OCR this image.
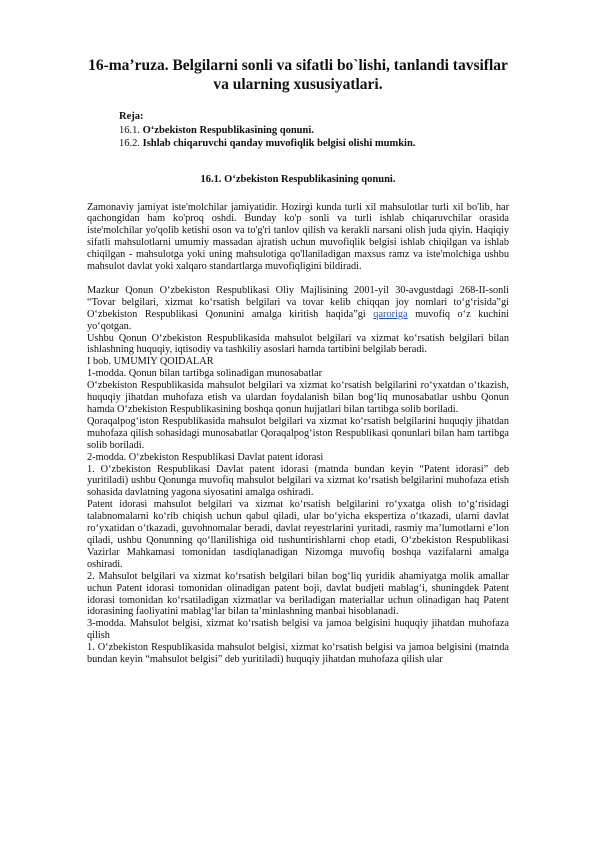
16-ma’ruza. Belgilarni sonli va sifatli bo`lishi, tanlandi tavsiflar va ularning xususiyatlari.
Reja:
16.1. O‘zbekiston Respublikasining qonuni.
16.2. Ishlab chiqaruvchi qanday muvofiqlik belgisi olishi mumkin.
16.1. O‘zbekiston Respublikasining qonuni.

Zamonaviy jamiyat iste'molchilar jamiyatidir. Hozirgi kunda turli xil mahsulotlar turli xil bo'lib, har qachongidan ham ko'proq oshdi. Bunday ko'p sonli va turli ishlab chiqaruvchilar orasida iste'molchilar yo'qolib ketishi oson va to'g'ri tanlov qilish va kerakli narsani olish juda qiyin. Haqiqiy sifatli mahsulotlarni umumiy massadan ajratish uchun muvofiqlik belgisi ishlab chiqilgan va ishlab chiqilgan - mahsulotga yoki uning mahsulotiga qo'llaniladigan maxsus ramz va iste'molchiga ushbu mahsulot davlat yoki xalqaro standartlarga muvofiqligini bildiradi.

Mazkur Qonun O‘zbekiston Respublikasi Oliy Majlisining 2001-yil 30-avgustdagi 268-II-sonli “Tovar belgilari, xizmat ko‘rsatish belgilari va tovar kelib chiqqan joy nomlari to‘g‘risida”gi O‘zbekiston Respublikasi Qonunini amalga kiritish haqida”gi qaroriga muvofiq o‘z kuchini yo‘qotgan.

Ushbu Qonun O‘zbekiston Respublikasida mahsulot belgilari va xizmat ko‘rsatish belgilari bilan ishlashning huquqiy, iqtisodiy va tashkiliy asoslari hamda tartibini belgilab beradi.

I bob. UMUMIY QOIDALAR

1-modda. Qonun bilan tartibga solinadigan munosabatlar

O‘zbekiston Respublikasida mahsulot belgilari va xizmat ko‘rsatish belgilarini ro‘yxatdan o‘tkazish, huquqiy jihatdan muhofaza etish va ulardan foydalanish bilan bog‘liq munosabatlar ushbu Qonun hamda O‘zbekiston Respublikasining boshqa qonun hujjatlari bilan tartibga solib boriladi.

Qoraqalpog‘iston Respublikasida mahsulot belgilari va xizmat ko‘rsatish belgilarini huquqiy jihatdan muhofaza qilish sohasidagi munosabatlar Qoraqalpog‘iston Respublikasi qonunlari bilan ham tartibga solib boriladi.

2-modda. O‘zbekiston Respublikasi Davlat patent idorasi

1. O‘zbekiston Respublikasi Davlat patent idorasi (matnda bundan keyin “Patent idorasi” deb yuritiladi) ushbu Qonunga muvofiq mahsulot belgilari va xizmat ko‘rsatish belgilarini muhofaza etish sohasida davlatning yagona siyosatini amalga oshiradi.

Patent idorasi mahsulot belgilari va xizmat ko‘rsatish belgilarini ro‘yxatga olish to‘g‘risidagi talabnomalarni ko‘rib chiqish uchun qabul qiladi, ular bo‘yicha ekspertiza o‘tkazadi, ularni davlat ro‘yxatidan o‘tkazadi, guvohnomalar beradi, davlat reyestrlarini yuritadi, rasmiy ma’lumotlarni e’lon qiladi, ushbu Qonunning qo‘llanilishiga oid tushuntirishlarni chop etadi, O‘zbekiston Respublikasi Vazirlar Mahkamasi tomonidan tasdiqlanadigan Nizomga muvofiq boshqa vazifalarni amalga oshiradi.

2. Mahsulot belgilari va xizmat ko‘rsatish belgilari bilan bog‘liq yuridik ahamiyatga molik amallar uchun Patent idorasi tomonidan olinadigan patent boji, davlat budjeti mablag‘i, shuningdek Patent idorasi tomonidan ko‘rsatiladigan xizmatlar va beriladigan materiallar uchun olinadigan haq Patent idorasining faoliyatini mablag‘lar bilan ta’minlashning manbai hisoblanadi.

3-modda. Mahsulot belgisi, xizmat ko‘rsatish belgisi va jamoa belgisini huquqiy jihatdan muhofaza qilish

1. O‘zbekiston Respublikasida mahsulot belgisi, xizmat ko‘rsatish belgisi va jamoa belgisini (matnda bundan keyin “mahsulot belgisi” deb yuritiladi) huquqiy jihatdan muhofaza qilish ular
